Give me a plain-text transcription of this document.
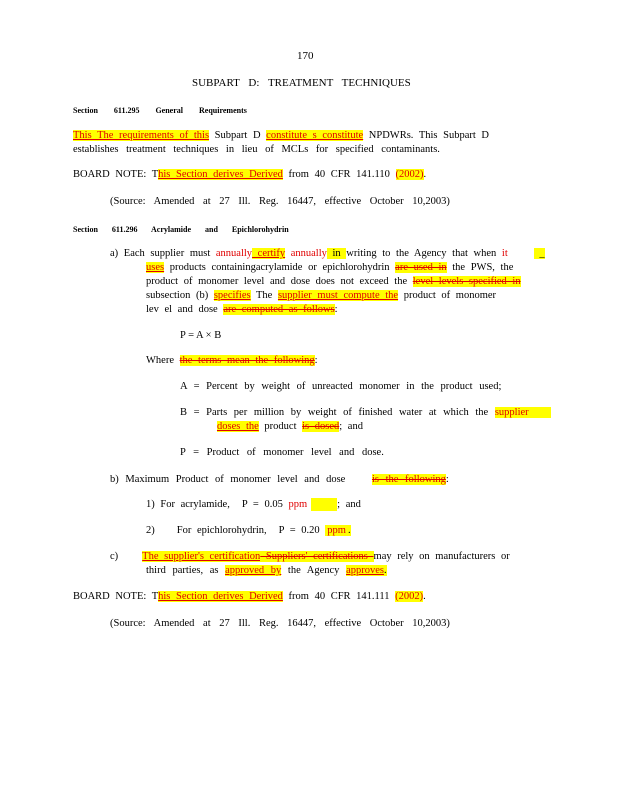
170
SUBPART D: TREATMENT TECHNIQUES
Section 611.295 General Requirements
This The requirements of this Subpart D constitute s constitute NPDWRs. This Subpart D
establishes treatment techniques in lieu of MCLs for specified contaminants.
BOARD NOTE: This Section derives Derived from 40 CFR 141.110 (2002).
(Source: Amended at 27 Ill. Reg. 16447, effective October 10,2003)
Section 611.296 Acrylamide and Epichlorohydrin
a) Each supplier must annually certify annually in writing to the Agency that when it _
uses products containingacrylamide or epichlorohydrin are used in the PWS, the
product of monomer level and dose does not exceed the level levels specified in
subsection (b) specifies The supplier must compute the product of monomer
lev el and dose are computed as follows:
P = A × B
Where the terms mean the following:
A = Percent by weight of unreacted monomer in the product used;
B = Parts per million by weight of finished water at which the supplier
doses the product is dosed; and
P = Product of monomer level and dose.
b) Maximum Product of monomer level and dose is the following:
1) For acrylamide, P = 0.05 ppm	; and
2) For epichlorohydrin, P = 0.20 ppm .
c) The supplier's certification Suppliers' certifications may rely on manufacturers or
third parties, as approved by the Agency approves.
BOARD NOTE: This Section derives Derived from 40 CFR 141.111 (2002).
(Source: Amended at 27 Ill. Reg. 16447, effective October 10,2003)
